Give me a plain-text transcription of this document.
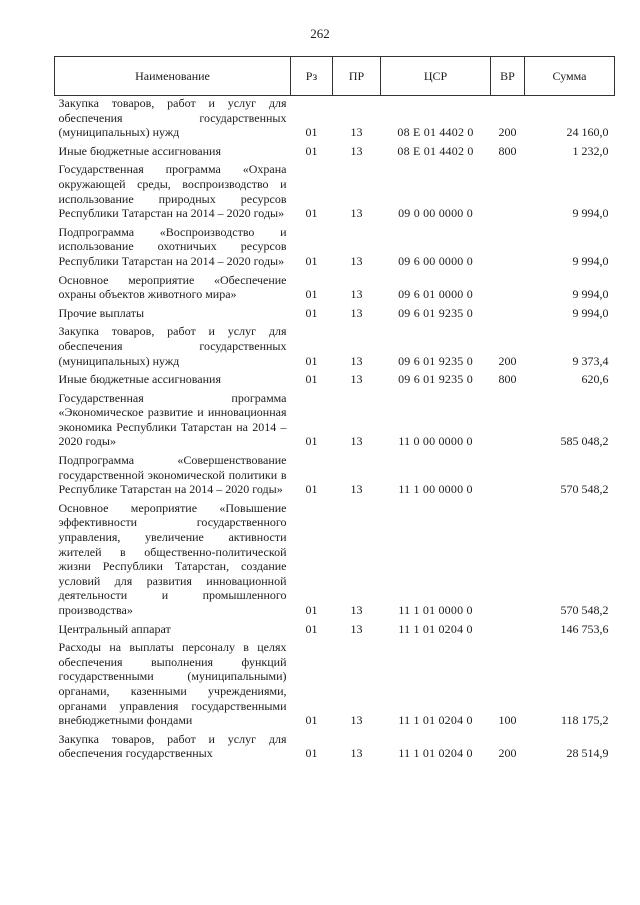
262
Наименование	Рз	ПР	ЦСР	ВР	Сумма
Закупка товаров, работ и услуг для обеспечения государственных (муниципальных) нужд	01	13	08 Е 01 4402 0	200	24 160,0
Иные бюджетные ассигнования	01	13	08 Е 01 4402 0	800	1 232,0
Государственная программа «Охрана окружающей среды, воспроизводство и использование природных ресурсов Республики Татарстан на 2014 – 2020 годы»	01	13	09 0 00 0000 0		9 994,0
Подпрограмма «Воспроизводство и использование охотничьих ресурсов Республики Татарстан на 2014 – 2020 годы»	01	13	09 6 00 0000 0		9 994,0
Основное мероприятие «Обеспечение охраны объектов животного мира»	01	13	09 6 01 0000 0		9 994,0
Прочие выплаты	01	13	09 6 01 9235 0		9 994,0
Закупка товаров, работ и услуг для обеспечения государственных (муниципальных) нужд	01	13	09 6 01 9235 0	200	9 373,4
Иные бюджетные ассигнования	01	13	09 6 01 9235 0	800	620,6
Государственная программа «Экономическое развитие и инновационная экономика Республики Татарстан на 2014 – 2020 годы»	01	13	11 0 00 0000 0		585 048,2
Подпрограмма «Совершенствование государственной экономической политики в Республике Татарстан на 2014 – 2020 годы»	01	13	11 1 00 0000 0		570 548,2
Основное мероприятие «Повышение эффективности государственного управления, увеличение активности жителей в общественно-политической жизни Республики Татарстан, создание условий для развития инновационной деятельности и промышленного производства»	01	13	11 1 01 0000 0		570 548,2
Центральный аппарат	01	13	11 1 01 0204 0		146 753,6
Расходы на выплаты персоналу в целях обеспечения выполнения функций государственными (муниципальными) органами, казенными учреждениями, органами управления государственными внебюджетными фондами	01	13	11 1 01 0204 0	100	118 175,2
Закупка товаров, работ и услуг для обеспечения государственных	01	13	11 1 01 0204 0	200	28 514,9
